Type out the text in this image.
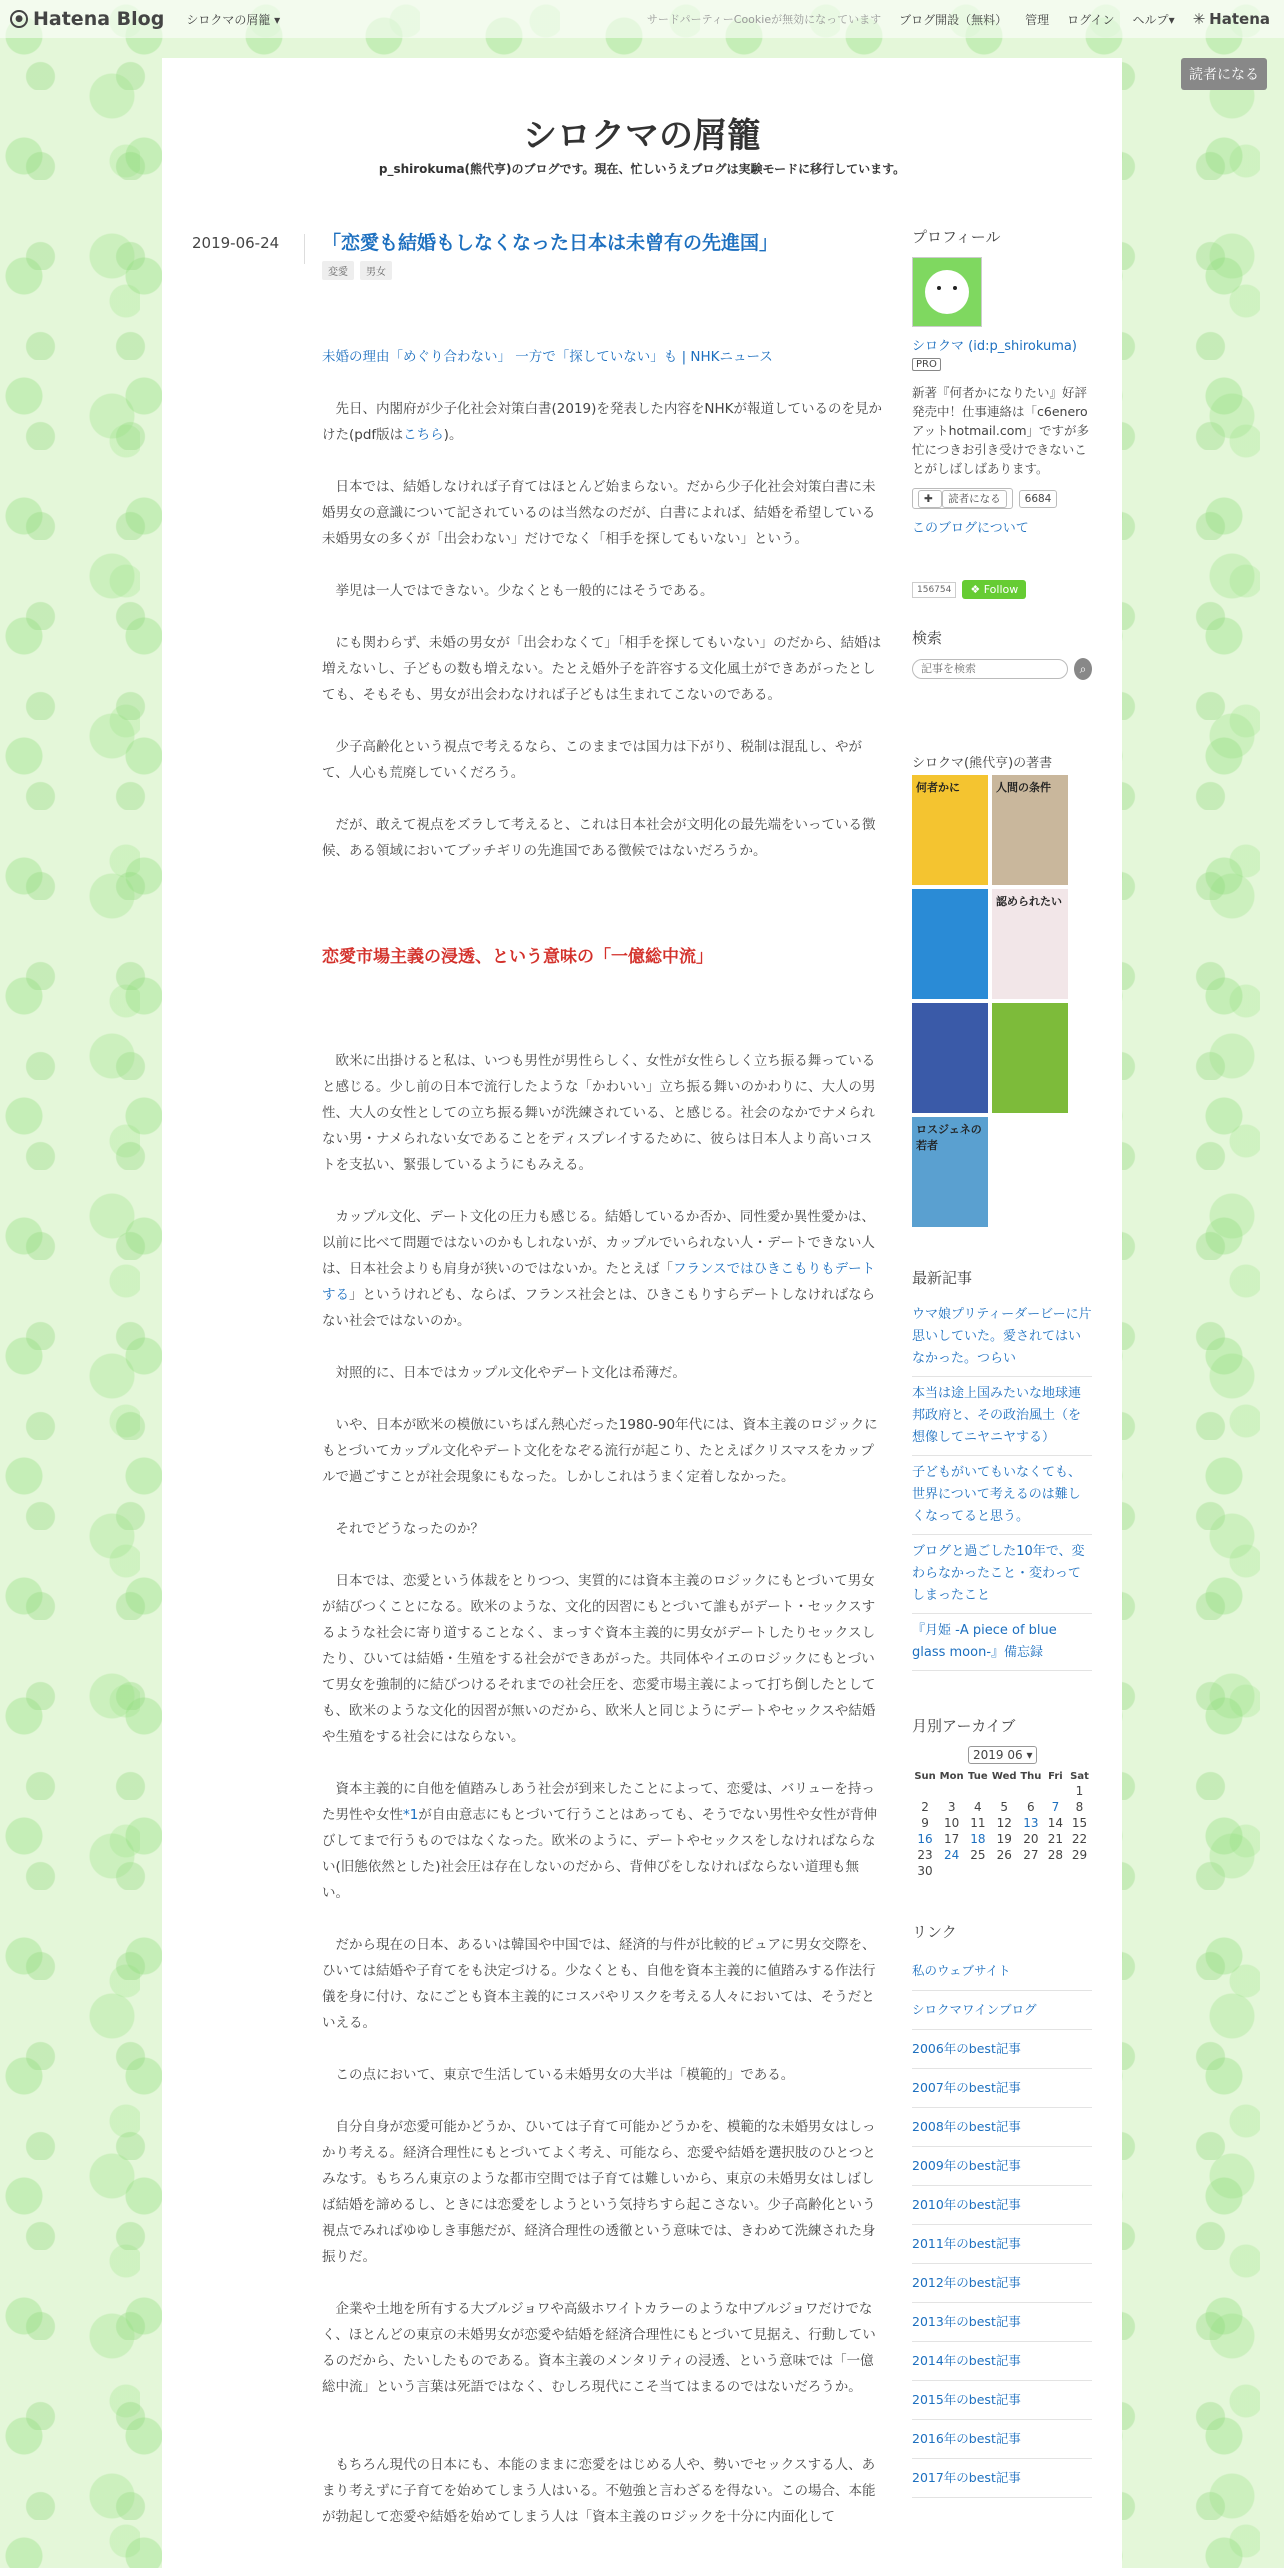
● Hatena Blog シロクマの屑籠 ▾	サードパーティーCookieが無効になっています ブログ開設（無料） 管理 ログイン ヘルプ▾ ✳ Hatena
読者になる
シロクマの屑籠
p_shirokuma(熊代亨)のブログです。現在、忙しいうえブログは実験モードに移行しています。
2019-06-24	「恋愛も結婚もしなくなった日本は未曾有の先進国」
変愛	男女

未婚の理由「めぐり合わない」 一方で「探していない」も | NHKニュース

先日、内閣府が少子化社会対策白書(2019)を発表した内容をNHKが報道しているのを見かけた(pdf版はこちら)。

日本では、結婚しなければ子育てはほとんど始まらない。だから少子化社会対策白書に未婚男女の意識について記されているのは当然なのだが、白書によれば、結婚を希望している未婚男女の多くが「出会わない」だけでなく「相手を探してもいない」という。

挙児は一人ではできない。少なくとも一般的にはそうである。

にも関わらず、未婚の男女が「出会わなくて」「相手を探してもいない」のだから、結婚は増えないし、子どもの数も増えない。たとえ婚外子を許容する文化風土ができあがったとしても、そもそも、男女が出会わなければ子どもは生まれてこないのである。

少子高齢化という視点で考えるなら、このままでは国力は下がり、税制は混乱し、やがて、人心も荒廃していくだろう。

だが、敢えて視点をズラして考えると、これは日本社会が文明化の最先端をいっている徴候、ある領域においてブッチギリの先進国である徴候ではないだろうか。

恋愛市場主義の浸透、という意味の「一億総中流」

欧米に出掛けると私は、いつも男性が男性らしく、女性が女性らしく立ち振る舞っていると感じる。少し前の日本で流行したような「かわいい」立ち振る舞いのかわりに、大人の男性、大人の女性としての立ち振る舞いが洗練されている、と感じる。社会のなかでナメられない男・ナメられない女であることをディスプレイするために、彼らは日本人より高いコストを支払い、緊張しているようにもみえる。

カップル文化、デート文化の圧力も感じる。結婚しているか否か、同性愛か異性愛かは、以前に比べて問題ではないのかもしれないが、カップルでいられない人・デートできない人は、日本社会よりも肩身が狭いのではないか。たとえば「フランスではひきこもりもデートする」というけれども、ならば、フランス社会とは、ひきこもりすらデートしなければならない社会ではないのか。

対照的に、日本ではカップル文化やデート文化は希薄だ。

いや、日本が欧米の模倣にいちばん熱心だった1980-90年代には、資本主義のロジックにもとづいてカップル文化やデート文化をなぞる流行が起こり、たとえばクリスマスをカップルで過ごすことが社会現象にもなった。しかしこれはうまく定着しなかった。

それでどうなったのか？

日本では、恋愛という体裁をとりつつ、実質的には資本主義のロジックにもとづいて男女が結びつくことになる。欧米のような、文化的因習にもとづいて誰もがデート・セックスするような社会に寄り道することなく、まっすぐ資本主義的に男女がデートしたりセックスしたり、ひいては結婚・生殖をする社会ができあがった。共同体やイエのロジックにもとづいて男女を強制的に結びつけるそれまでの社会圧を、恋愛市場主義によって打ち倒したとしても、欧米のような文化的因習が無いのだから、欧米人と同じようにデートやセックスや結婚や生殖をする社会にはならない。

資本主義的に自他を値踏みしあう社会が到来したことによって、恋愛は、バリューを持った男性や女性*1が自由意志にもとづいて行うことはあっても、そうでない男性や女性が背伸びしてまで行うものではなくなった。欧米のように、デートやセックスをしなければならない(旧態依然とした)社会圧は存在しないのだから、背伸びをしなければならない道理も無い。

だから現在の日本、あるいは韓国や中国では、経済的与件が比較的ピュアに男女交際を、ひいては結婚や子育てをも決定づける。少なくとも、自他を資本主義的に値踏みする作法行儀を身に付け、なにごとも資本主義的にコスパやリスクを考える人々においては、そうだといえる。

この点において、東京で生活している未婚男女の大半は「模範的」である。

自分自身が恋愛可能かどうか、ひいては子育て可能かどうかを、模範的な未婚男女はしっかり考える。経済合理性にもとづいてよく考え、可能なら、恋愛や結婚を選択肢のひとつとみなす。もちろん東京のような都市空間では子育ては難しいから、東京の未婚男女はしばしば結婚を諦めるし、ときには恋愛をしようという気持ちすら起こさない。少子高齢化という視点でみればゆゆしき事態だが、経済合理性の透徹という意味では、きわめて洗練された身振りだ。

企業や土地を所有する大ブルジョワや高級ホワイトカラーのような中ブルジョワだけでなく、ほとんどの東京の未婚男女が恋愛や結婚を経済合理性にもとづいて見据え、行動しているのだから、たいしたものである。資本主義のメンタリティの浸透、という意味では「一億総中流」という言葉は死語ではなく、むしろ現代にこそ当てはまるのではないだろうか。

もちろん現代の日本にも、本能のままに恋愛をはじめる人や、勢いでセックスする人、あまり考えずに子育てを始めてしまう人はいる。不勉強と言わざるを得ない。この場合、本能が勃起して恋愛や結婚を始めてしまう人は「資本主義のロジックを十分に内面化して

プロフィール
シロクマ (id:p_shirokuma)
PRO
新著『何者かになりたい』好評発売中！仕事連絡は「c6eneroアットhotmail.com」ですが多忙につきお引き受けできないことがしばしばあります。
✚ 読者になる	6684
このブログについて
156754	❖ Follow
検索
記事を検索
⌕
シロクマ(熊代亨)の著書
何者かに	人間の条件
認められたい
ロスジェネの若者
最新記事
ウマ娘プリティーダービーに片思いしていた。愛されてはいなかった。つらい
本当は途上国みたいな地球連邦政府と、その政治風土（を想像してニヤニヤする）
子どもがいてもいなくても、世界について考えるのは難しくなってると思う。
ブログと過ごした10年で、変わらなかったこと・変わってしまったこと
『月姫 -A piece of blue glass moon-』備忘録
月別アーカイブ
2019 06 ▾
Sun	Mon	Tue	Wed	Thu	Fri	Sat
						1
2	3	4	5	6	7	8
9	10	11	12	13	14	15
16	17	18	19	20	21	22
23	24	25	26	27	28	29
30						
リンク
私のウェブサイト
シロクマワインブログ
2006年のbest記事
2007年のbest記事
2008年のbest記事
2009年のbest記事
2010年のbest記事
2011年のbest記事
2012年のbest記事
2013年のbest記事
2014年のbest記事
2015年のbest記事
2016年のbest記事
2017年のbest記事
